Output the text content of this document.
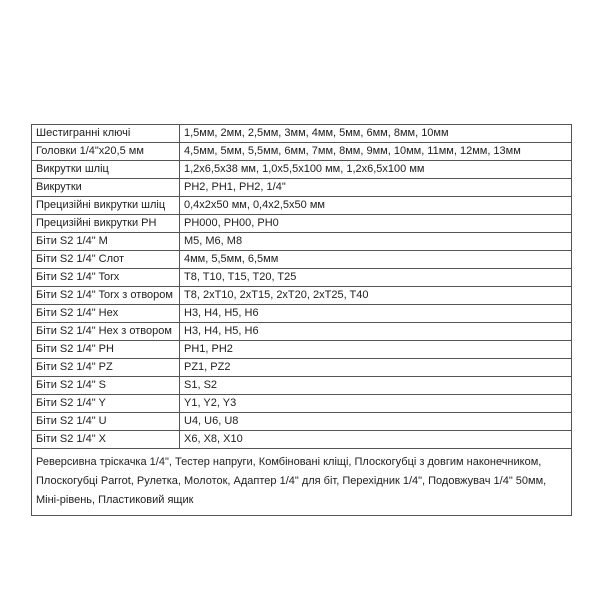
Шестигранні ключі	1,5мм, 2мм, 2,5мм, 3мм, 4мм, 5мм, 6мм, 8мм, 10мм
Головки 1/4"x20,5 мм	4,5мм, 5мм, 5,5мм, 6мм, 7мм, 8мм, 9мм, 10мм, 11мм, 12мм, 13мм
Викрутки шліц	1,2x6,5x38 мм, 1,0x5,5x100 мм, 1,2x6,5x100 мм
Викрутки	PH2, PH1, PH2, 1/4"
Прецизійні викрутки шліц	0,4x2x50 мм, 0,4x2,5x50 мм
Прецизійні викрутки PH	PH000, PH00, PH0
Біти S2 1/4" M	M5, M6, M8
Біти S2 1/4" Слот	4мм, 5,5мм, 6,5мм
Біти S2 1/4" Torx	T8, T10, T15, T20, T25
Біти S2 1/4" Torx з отвором	T8, 2xT10, 2xT15, 2xT20, 2xT25, T40
Біти S2 1/4" Hex	H3, H4, H5, H6
Біти S2 1/4" Hex з отвором	H3, H4, H5, H6
Біти S2 1/4" PH	PH1, PH2
Біти S2 1/4" PZ	PZ1, PZ2
Біти S2 1/4" S	S1, S2
Біти S2 1/4" Y	Y1, Y2, Y3
Біти S2 1/4" U	U4, U6, U8
Біти S2 1/4" X	X6, X8, X10
Реверсивна тріскачка 1/4", Тестер напруги, Комбіновані кліщі, Плоскогубці з довгим наконечником, Плоскогубці Parrot, Рулетка, Молоток, Адаптер 1/4" для біт, Перехідник 1/4", Подовжувач 1/4" 50мм, Міні-рівень, Пластиковий ящик	
